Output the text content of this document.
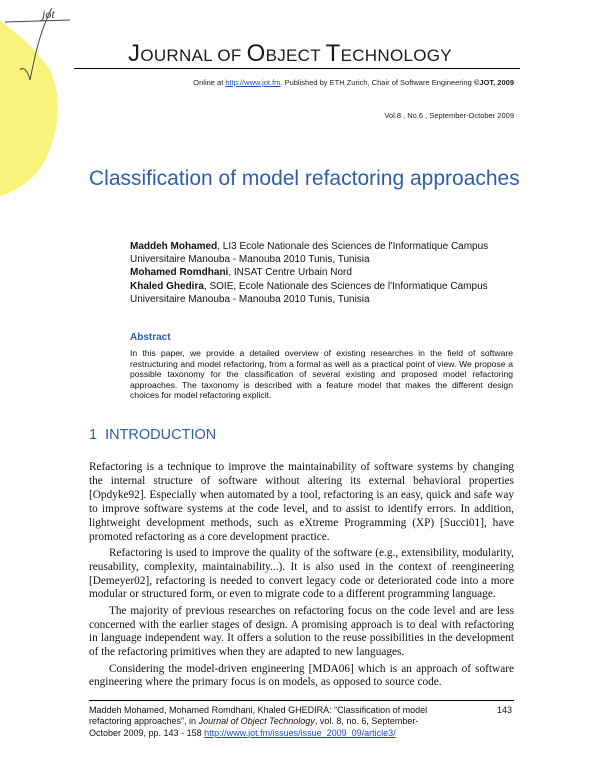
jot
JOURNAL OF OBJECT TECHNOLOGY
Online at http://www.jot.fm. Published by ETH Zurich, Chair of Software Engineering ©JOT, 2009
Vol.8 , No.6 , September-October 2009
Classification of model refactoring approaches
Maddeh Mohamed, LI3 Ecole Nationale des Sciences de l'Informatique Campus Universitaire Manouba - Manouba 2010 Tunis, Tunisia
Mohamed Romdhani, INSAT Centre Urbain Nord
Khaled Ghedira, SOIE, Ecole Nationale des Sciences de l'Informatique Campus Universitaire Manouba - Manouba 2010 Tunis, Tunisia
Abstract
In this paper, we provide a detailed overview of existing researches in the field of software restructuring and model refactoring, from a formal as well as a practical point of view. We propose a possible taxonomy for the classification of several existing and proposed model refactoring approaches. The taxonomy is described with a feature model that makes the different design choices for model refactoring explicit.
1 INTRODUCTION

Refactoring is a technique to improve the maintainability of software systems by changing the internal structure of software without altering its external behavioral properties [Opdyke92]. Especially when automated by a tool, refactoring is an easy, quick and safe way to improve software systems at the code level, and to assist to identify errors. In addition, lightweight development methods, such as eXtreme Programming (XP) [Succi01], have promoted refactoring as a core development practice.

Refactoring is used to improve the quality of the software (e.g., extensibility, modularity, reusability, complexity, maintainability...). It is also used in the context of reengineering [Demeyer02], refactoring is needed to convert legacy code or deteriorated code into a more modular or structured form, or even to migrate code to a different programming language.

The majority of previous researches on refactoring focus on the code level and are less concerned with the earlier stages of design. A promising approach is to deal with refactoring in language independent way. It offers a solution to the reuse possibilities in the development of the refactoring primitives when they are adapted to new languages.

Considering the model-driven engineering [MDA06] which is an approach of software engineering where the primary focus is on models, as opposed to source code.

Maddeh Mohamed, Mohamed Romdhani, Khaled GHEDIRA: “Classification of model refactoring approaches”, in Journal of Object Technology, vol. 8, no. 6, September-October 2009, pp. 143 - 158 http://www.jot.fm/issues/issue_2009_09/article3/
143
